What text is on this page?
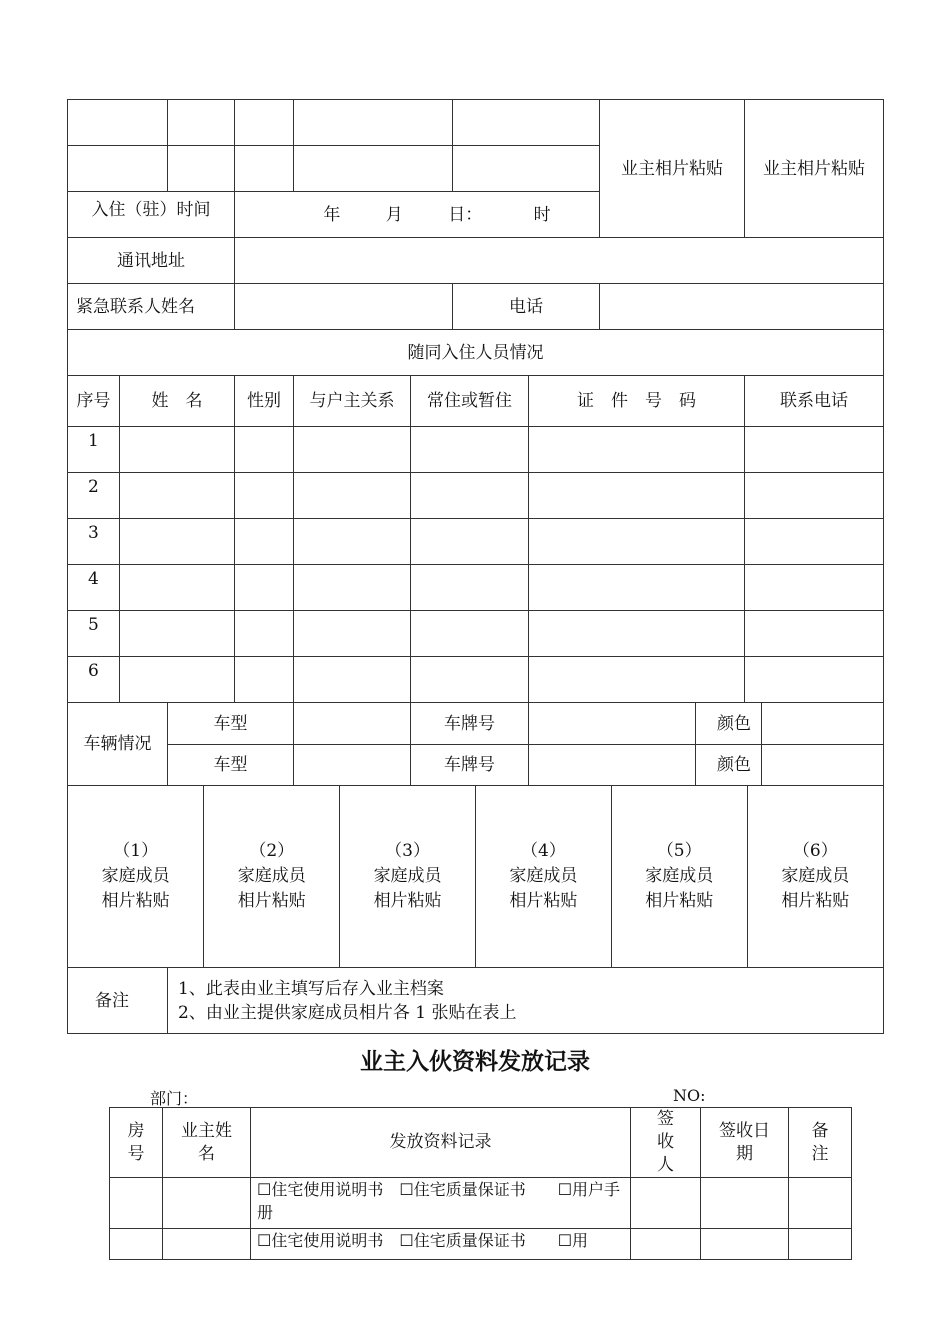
					业主相片粘贴	业主相片粘贴

入住（驻）时间	年	月	日：	时
通讯地址	
紧急联系人姓名		电话	
随同入住人员情况
序号	姓　名	性别	与户主关系	常住或暂住	证　件　号　码	联系电话
1						
2						
3						
4						
5						
6						

车辆情况
	车型		车牌号		颜色	
车型		车牌号		颜色	

（1）
家庭成员
相片粘贴	（2）
家庭成员
相片粘贴	（3）
家庭成员
相片粘贴	（4）
家庭成员
相片粘贴	（5）
家庭成员
相片粘贴	（6）
家庭成员
相片粘贴

备注

1、此表由业主填写后存入业主档案
2、由业主提供家庭成员相片各 1 张贴在表上
业主入伙资料发放记录
部门：	NO:
房号	业主姓名	发放资料记录	签收人	签收日期	备注
		☐住宅使用说明书　☐住宅质量保证书　　☐用户手册			
		☐住宅使用说明书　☐住宅质量保证书　　☐用			
